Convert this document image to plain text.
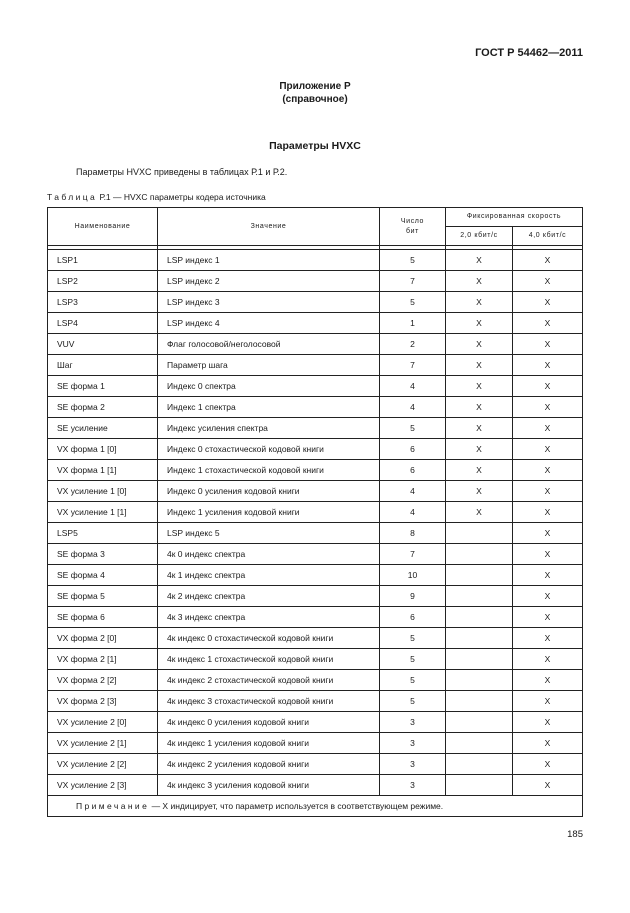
ГОСТ Р 54462—2011
Приложение Р
(справочное)
Параметры HVXC
Параметры HVXC приведены в таблицах Р.1 и Р.2.
Таблица Р.1 — HVXC параметры кодера источника
Наименование	Значение	Число
бит	Фиксированная скорость	
			2,0 кбит/с	4,0 кбит/с

LSP1	LSP индекс 1	5	X	X
LSP2	LSP индекс 2	7	X	X
LSP3	LSP индекс 3	5	X	X
LSP4	LSP индекс 4	1	X	X
VUV	Флаг голосовой/неголосовой	2	X	X
Шаг	Параметр шага	7	X	X
SE форма 1	Индекс 0 спектра	4	X	X
SE форма 2	Индекс 1 спектра	4	X	X
SE усиление	Индекс усиления спектра	5	X	X
VX форма 1 [0]	Индекс 0 стохастической кодовой книги	6	X	X
VX форма 1 [1]	Индекс 1 стохастической кодовой книги	6	X	X
VX усиление 1 [0]	Индекс 0 усиления кодовой книги	4	X	X
VX усиление 1 [1]	Индекс 1 усиления кодовой книги	4	X	X
LSP5	LSP индекс 5	8		X
SE форма 3	4к 0 индекс спектра	7		X
SE форма 4	4к 1 индекс спектра	10		X
SE форма 5	4к 2 индекс спектра	9		X
SE форма 6	4к 3 индекс спектра	6		X
VX форма 2 [0]	4к индекс 0 стохастической кодовой книги	5		X
VX форма 2 [1]	4к индекс 1 стохастической кодовой книги	5		X
VX форма 2 [2]	4к индекс 2 стохастической кодовой книги	5		X
VX форма 2 [3]	4к индекс 3 стохастической кодовой книги	5		X
VX усиление 2 [0]	4к индекс 0 усиления кодовой книги	3		X
VX усиление 2 [1]	4к индекс 1 усиления кодовой книги	3		X
VX усиление 2 [2]	4к индекс 2 усиления кодовой книги	3		X
VX усиление 2 [3]	4к индекс 3 усиления кодовой книги	3		X
Примечание — X индицирует, что параметр используется в соответствующем режиме.				
185
